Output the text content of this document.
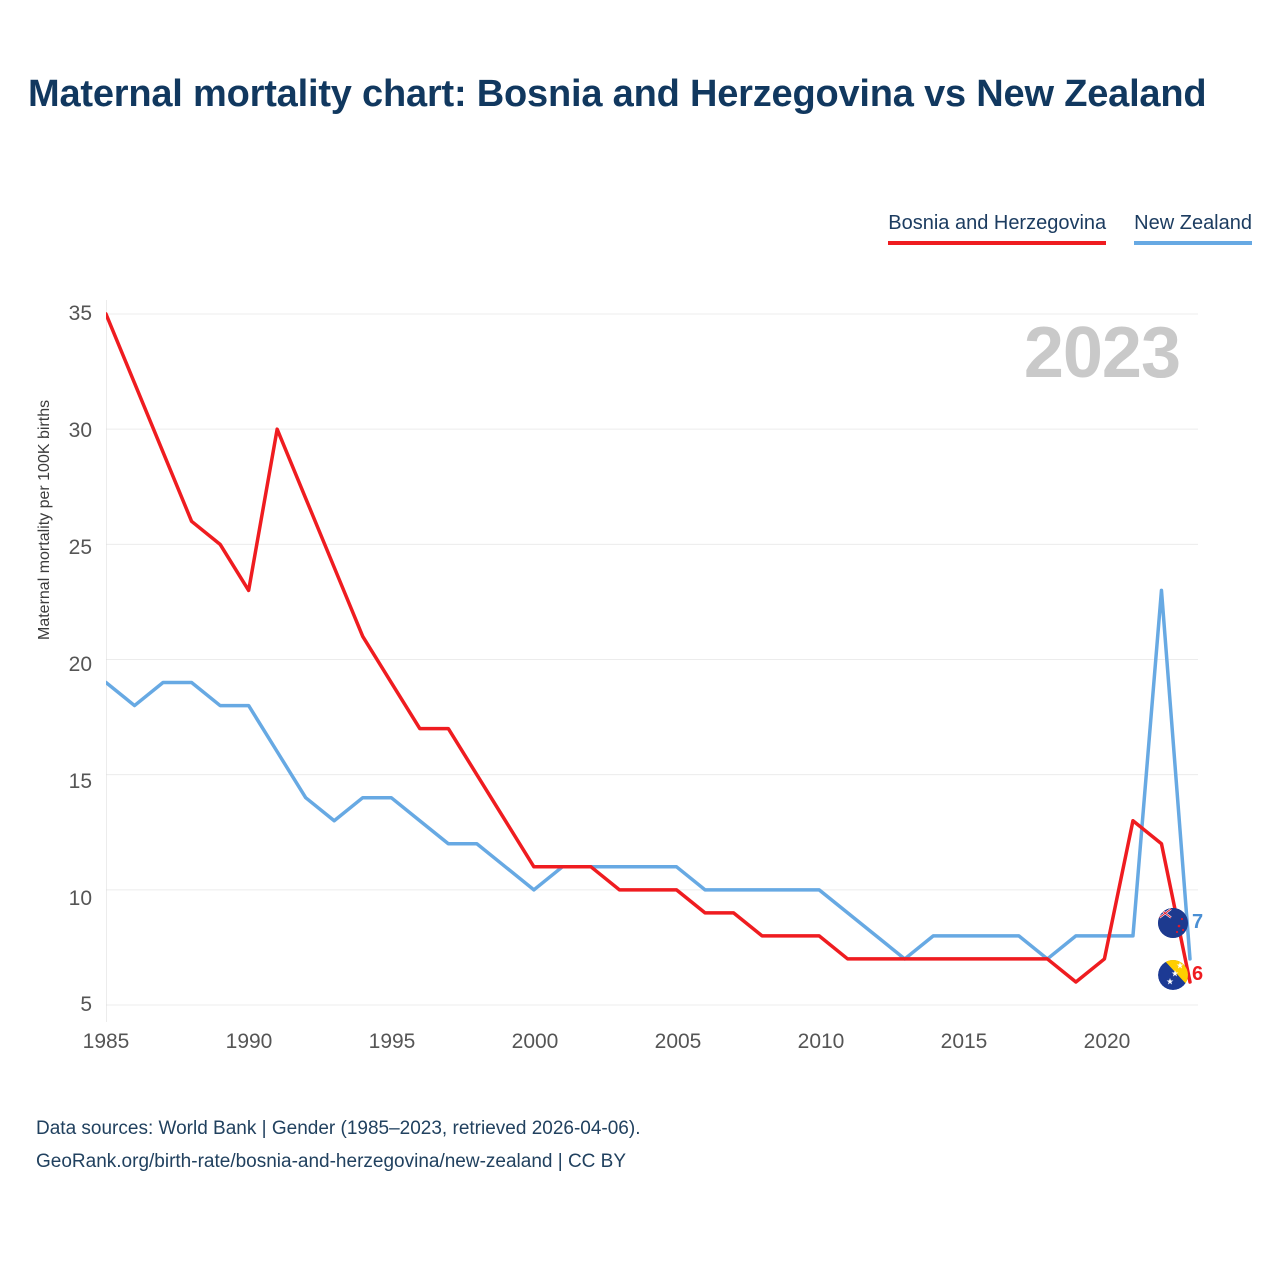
Maternal mortality chart: Bosnia and Herzegovina vs New Zealand
Bosnia and Herzegovina New Zealand
Maternal mortality per 100K births
35
30
25
20
15
10
5
2023
7
6
1985	1990	1995	2000	2005	2010	2015	2020
Data sources: World Bank | Gender (1985–2023, retrieved 2026-04-06).
GeoRank.org/birth-rate/bosnia-and-herzegovina/new-zealand | CC BY
